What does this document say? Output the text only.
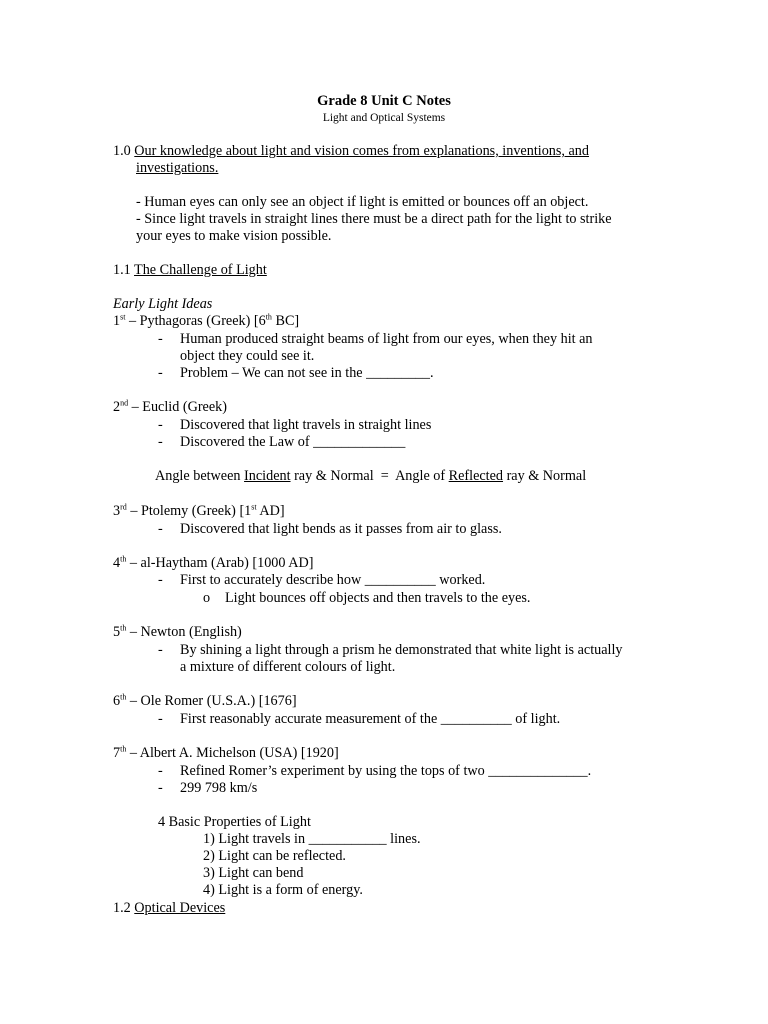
Grade 8 Unit C Notes
Light and Optical Systems
1.0 Our knowledge about light and vision comes from explanations, inventions, and
investigations.
- Human eyes can only see an object if light is emitted or bounces off an object.
- Since light travels in straight lines there must be a direct path for the light to strike
your eyes to make vision possible.
1.1 The Challenge of Light
Early Light Ideas
1st – Pythagoras (Greek) [6th BC]
- Human produced straight beams of light from our eyes, when they hit an
object they could see it.
- Problem – We can not see in the _________.
2nd – Euclid (Greek)
- Discovered that light travels in straight lines
- Discovered the Law of _____________
Angle between Incident ray & Normal  =  Angle of Reflected ray & Normal
3rd – Ptolemy (Greek) [1st AD]
- Discovered that light bends as it passes from air to glass.
4th – al-Haytham (Arab) [1000 AD]
- First to accurately describe how __________ worked.
o Light bounces off objects and then travels to the eyes.
5th – Newton (English)
- By shining a light through a prism he demonstrated that white light is actually
a mixture of different colours of light.
6th – Ole Romer (U.S.A.) [1676]
- First reasonably accurate measurement of the __________ of light.
7th – Albert A. Michelson (USA) [1920]
- Refined Romer’s experiment by using the tops of two ______________.
- 299 798 km/s
4 Basic Properties of Light
1) Light travels in ___________ lines.
2) Light can be reflected.
3) Light can bend
4) Light is a form of energy.
1.2 Optical Devices
